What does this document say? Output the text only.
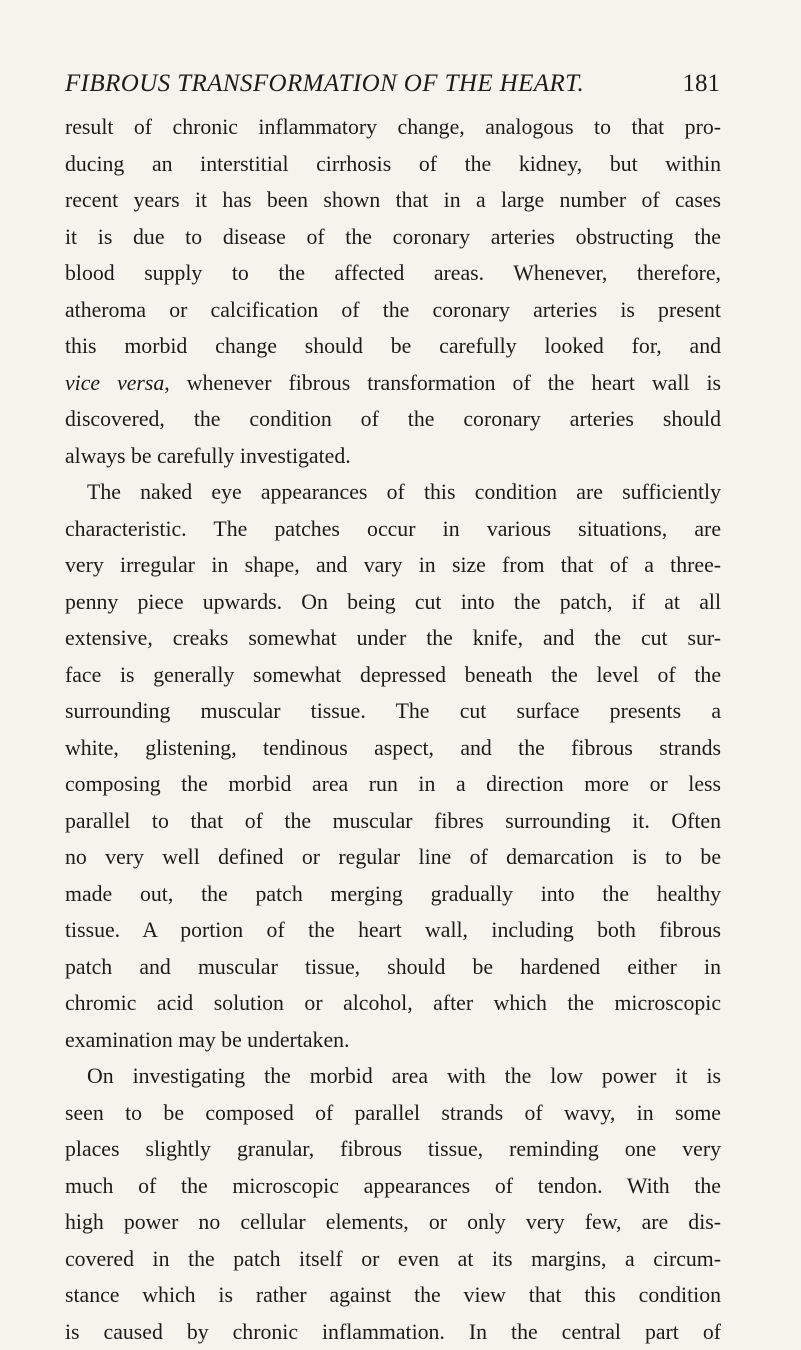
FIBROUS TRANSFORMATION OF THE HEART.	181
result of chronic inflammatory change, analogous to that pro-
ducing an interstitial cirrhosis of the kidney, but within
recent years it has been shown that in a large number of cases
it is due to disease of the coronary arteries obstructing the
blood supply to the affected areas. Whenever, therefore,
atheroma or calcification of the coronary arteries is present
this morbid change should be carefully looked for, and
vice versa, whenever fibrous transformation of the heart wall is
discovered, the condition of the coronary arteries should
always be carefully investigated.
The naked eye appearances of this condition are sufficiently
characteristic. The patches occur in various situations, are
very irregular in shape, and vary in size from that of a three-
penny piece upwards. On being cut into the patch, if at all
extensive, creaks somewhat under the knife, and the cut sur-
face is generally somewhat depressed beneath the level of the
surrounding muscular tissue. The cut surface presents a
white, glistening, tendinous aspect, and the fibrous strands
composing the morbid area run in a direction more or less
parallel to that of the muscular fibres surrounding it. Often
no very well defined or regular line of demarcation is to be
made out, the patch merging gradually into the healthy
tissue. A portion of the heart wall, including both fibrous
patch and muscular tissue, should be hardened either in
chromic acid solution or alcohol, after which the microscopic
examination may be undertaken.
On investigating the morbid area with the low power it is
seen to be composed of parallel strands of wavy, in some
places slightly granular, fibrous tissue, reminding one very
much of the microscopic appearances of tendon. With the
high power no cellular elements, or only very few, are dis-
covered in the patch itself or even at its margins, a circum-
stance which is rather against the view that this condition
is caused by chronic inflammation. In the central part of
